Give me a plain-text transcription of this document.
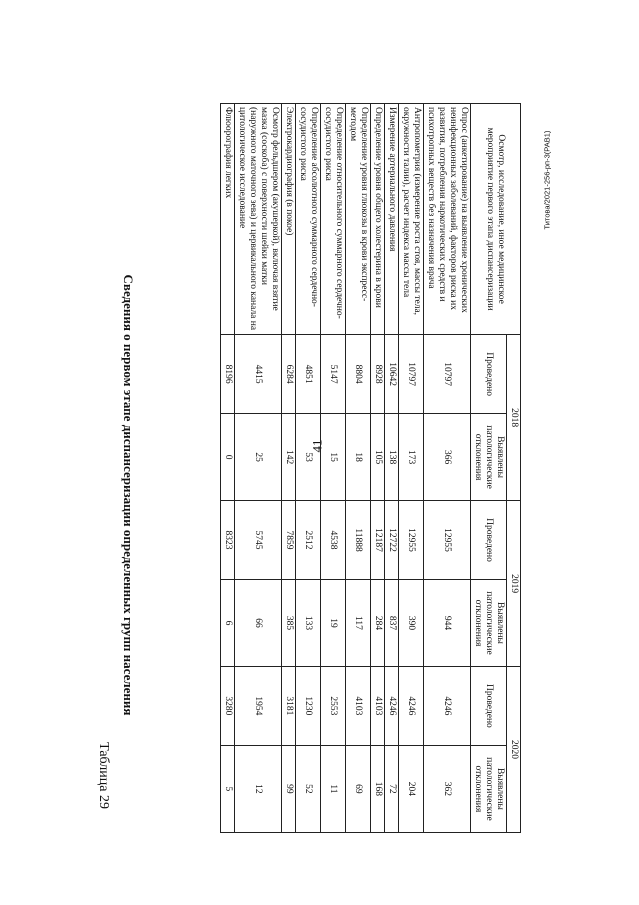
41
Титова/2021-256-рп-3(РАВ1)
Таблица 29
Сведения о первом этапе диспансеризации определенных групп населения
Осмотр, исследование, иное медицинское мероприятие первого этапа диспансеризации	2018		2019		2020	
	Проведено	Выявлены патологические отклонения	Проведено	Выявлены патологические отклонения	Проведено	Выявлены патологические отклонения
Опрос (анкетирование) на выявление хронических неинфекционных заболеваний, факторов риска их развития, потребления наркотических средств и психотропных веществ без назначения врача	10797	366	12955	944	4246	362
Антропометрия (измерение роста стоя, массы тела, окружности талии), расчет индекса массы тела	10797	173	12955	390	4246	204
Измерение артериального давления	10642	138	12722	837	4246	72
Определение уровня общего холестерина в крови	8928	105	12187	284	4103	168
Определение уровня глюкозы в крови экспресс-методом	8804	18	11888	117	4103	69
Определение относительного суммарного сердечно-сосудистого риска	5147	15	4538	19	2553	11
Определение абсолютного суммарного сердечно-сосудистого риска	4851	53	2512	133	1230	52
Электрокардиография (в покое)	6284	142	7859	385	3181	99
Осмотр фельдшером (акушеркой), включая взятие мазка (соскоба) с поверхности шейки матки (наружного маточного зева) и цервикального канала на цитологическое исследование	4415	25	5745	66	1954	12
Флюорография легких	8196	0	8323	6	3280	5
